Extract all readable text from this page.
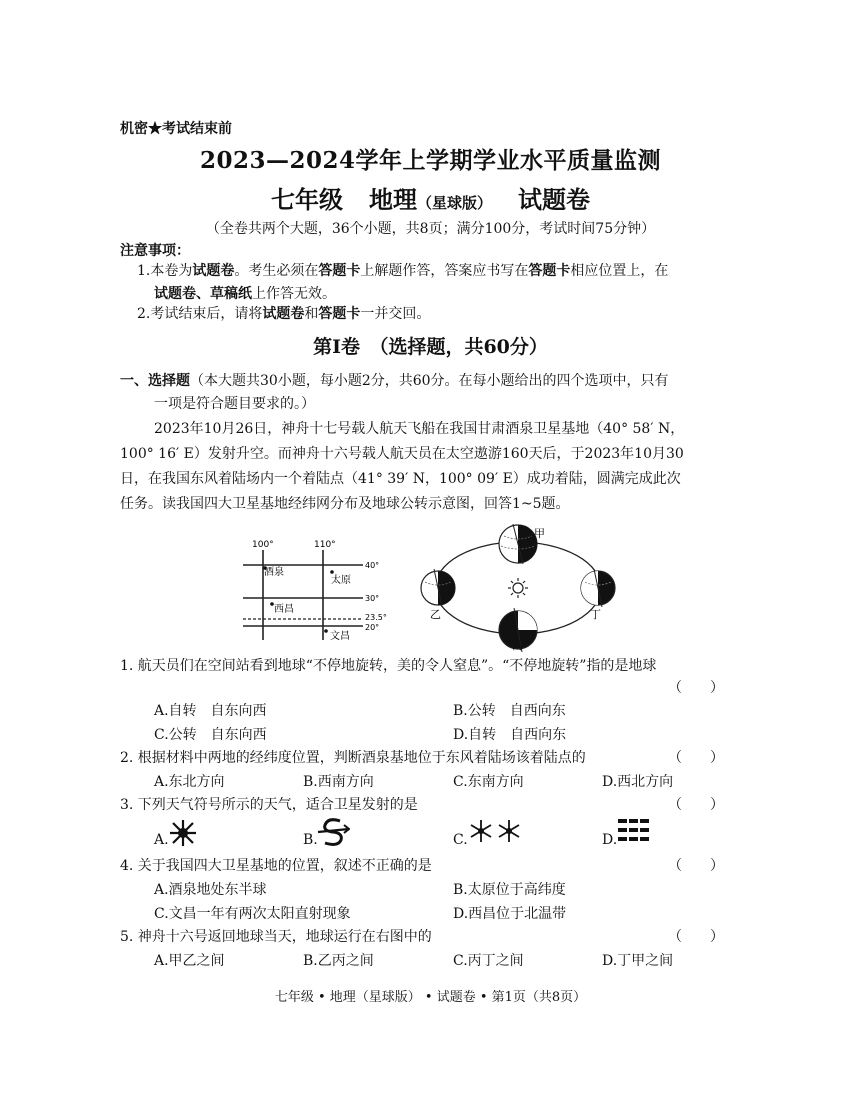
机密★考试结束前
2023—2024学年上学期学业水平质量监测
七年级 地理（星球版） 试题卷
（全卷共两个大题，36个小题，共8页；满分100分，考试时间75分钟）
注意事项：
1.本卷为试题卷。考生必须在答题卡上解题作答，答案应书写在答题卡相应位置上，在
试题卷、草稿纸上作答无效。
2.考试结束后，请将试题卷和答题卡一并交回。
第Ⅰ卷　（选择题，共60分）
一、选择题（本大题共30小题，每小题2分，共60分。在每小题给出的四个选项中，只有
一项是符合题目要求的。）
2023年10月26日，神舟十七号载人航天飞船在我国甘肃酒泉卫星基地（40° 58′ N，
100° 16′ E）发射升空。而神舟十六号载人航天员在太空遨游160天后，于2023年10月30
日，在我国东风着陆场内一个着陆点（41° 39′ N，100° 09′ E）成功着陆，圆满完成此次
任务。读我国四大卫星基地经纬网分布及地球公转示意图，回答1~5题。
100°	110°
40°
30°
23.5°
20°
酒泉
太原
西昌
文昌
甲
丙
乙	丁
1. 航天员们在空间站看到地球“不停地旋转，美的令人窒息”。“不停地旋转”指的是地球
（　　）
A.自转　自东向西	B.公转　自西向东
C.公转　自东向西	D.自转　自西向东
2. 根据材料中两地的经纬度位置，判断酒泉基地位于东风着陆场该着陆点的	（　　）
A.东北方向	B.西南方向	C.东南方向	D.西北方向
3. 下列天气符号所示的天气，适合卫星发射的是	（　　）
A.	B.	C.	D.
4. 关于我国四大卫星基地的位置，叙述不正确的是	（　　）
A.酒泉地处东半球	B.太原位于高纬度
C.文昌一年有两次太阳直射现象	D.西昌位于北温带
5. 神舟十六号返回地球当天，地球运行在右图中的	（　　）
A.甲乙之间	B.乙丙之间	C.丙丁之间	D.丁甲之间
七年级 • 地理（星球版） • 试题卷 • 第1页（共8页）
